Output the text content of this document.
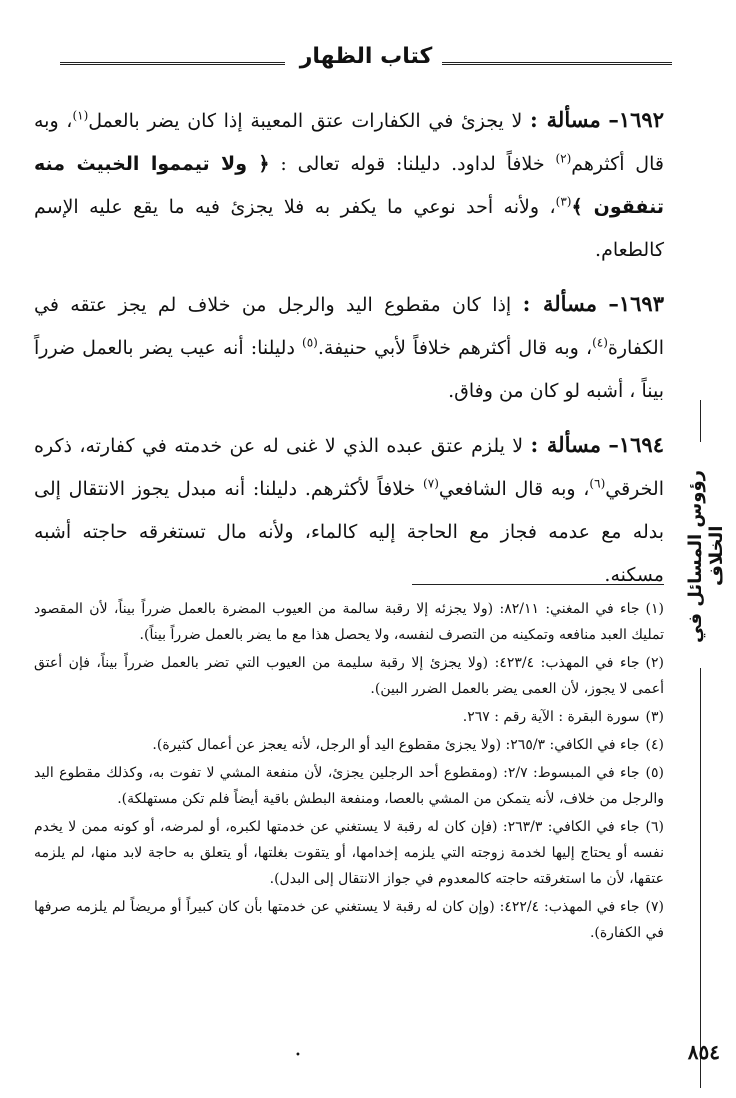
كتاب الظهار

١٦٩٢– مسألة : لا يجزئ في الكفارات عتق المعيبة إذا كان يضر بالعمل$^{(١)}$، وبه قال أكثرهم$^{(٢)}$ خلافاً لداود. دليلنا: قوله تعالى : ﴿ ولا تيمموا الخبيث منه تنفقون ﴾$^{(٣)}$، ولأنه أحد نوعي ما يكفر به فلا يجزئ فيه ما يقع عليه الإسم كالطعام.

١٦٩٣– مسألة : إذا كان مقطوع اليد والرجل من خلاف لم يجز عتقه في الكفارة$^{(٤)}$، وبه قال أكثرهم خلافاً لأبي حنيفة.$^{(٥)}$ دليلنا: أنه عيب يضر بالعمل ضرراً بيناً ، أشبه لو كان من وفاق.

١٦٩٤– مسألة : لا يلزم عتق عبده الذي لا غنى له عن خدمته في كفارته، ذكره الخرقي$^{(٦)}$، وبه قال الشافعي$^{(٧)}$ خلافاً لأكثرهم. دليلنا: أنه مبدل يجوز الانتقال إلى بدله مع عدمه فجاز مع الحاجة إليه كالماء، ولأنه مال تستغرقه حاجته أشبه مسكنه.

(١)جاء في المغني: ٨٢/١١: (ولا يجزئه إلا رقبة سالمة من العيوب المضرة بالعمل ضرراً بيناً، لأن المقصود تمليك العبد منافعه وتمكينه من التصرف لنفسه، ولا يحصل هذا مع ما يضر بالعمل ضرراً بيناً).

(٢)جاء في المهذب: ٤٢٣/٤: (ولا يجزئ إلا رقبة سليمة من العيوب التي تضر بالعمل ضرراً بيناً، فإن أعتق أعمى لا يجوز، لأن العمى يضر بالعمل الضرر البين).

(٣)سورة البقرة : الآية رقم : ٢٦٧.

(٤)جاء في الكافي: ٢٦٥/٣: (ولا يجزئ مقطوع اليد أو الرجل، لأنه يعجز عن أعمال كثيرة).

(٥)جاء في المبسوط: ٢/٧: (ومقطوع أحد الرجلين يجزئ، لأن منفعة المشي لا تفوت به، وكذلك مقطوع اليد والرجل من خلاف، لأنه يتمكن من المشي بالعصا، ومنفعة البطش باقية أيضاً فلم تكن مستهلكة).

(٦)جاء في الكافي: ٢٦٣/٣: (فإن كان له رقبة لا يستغني عن خدمتها لكبره، أو لمرضه، أو كونه ممن لا يخدم نفسه أو يحتاج إليها لخدمة زوجته التي يلزمه إخدامها، أو يتقوت بغلتها، أو يتعلق به حاجة لابد منها، لم يلزمه عتقها، لأن ما استغرقته حاجته كالمعدوم في جواز الانتقال إلى البدل).

(٧)جاء في المهذب: ٤٢٢/٤: (وإن كان له رقبة لا يستغني عن خدمتها بأن كان كبيراً أو مريضاً لم يلزمه صرفها في الكفارة).

رؤوس المسائل في الخلاف
•	٨٥٤
